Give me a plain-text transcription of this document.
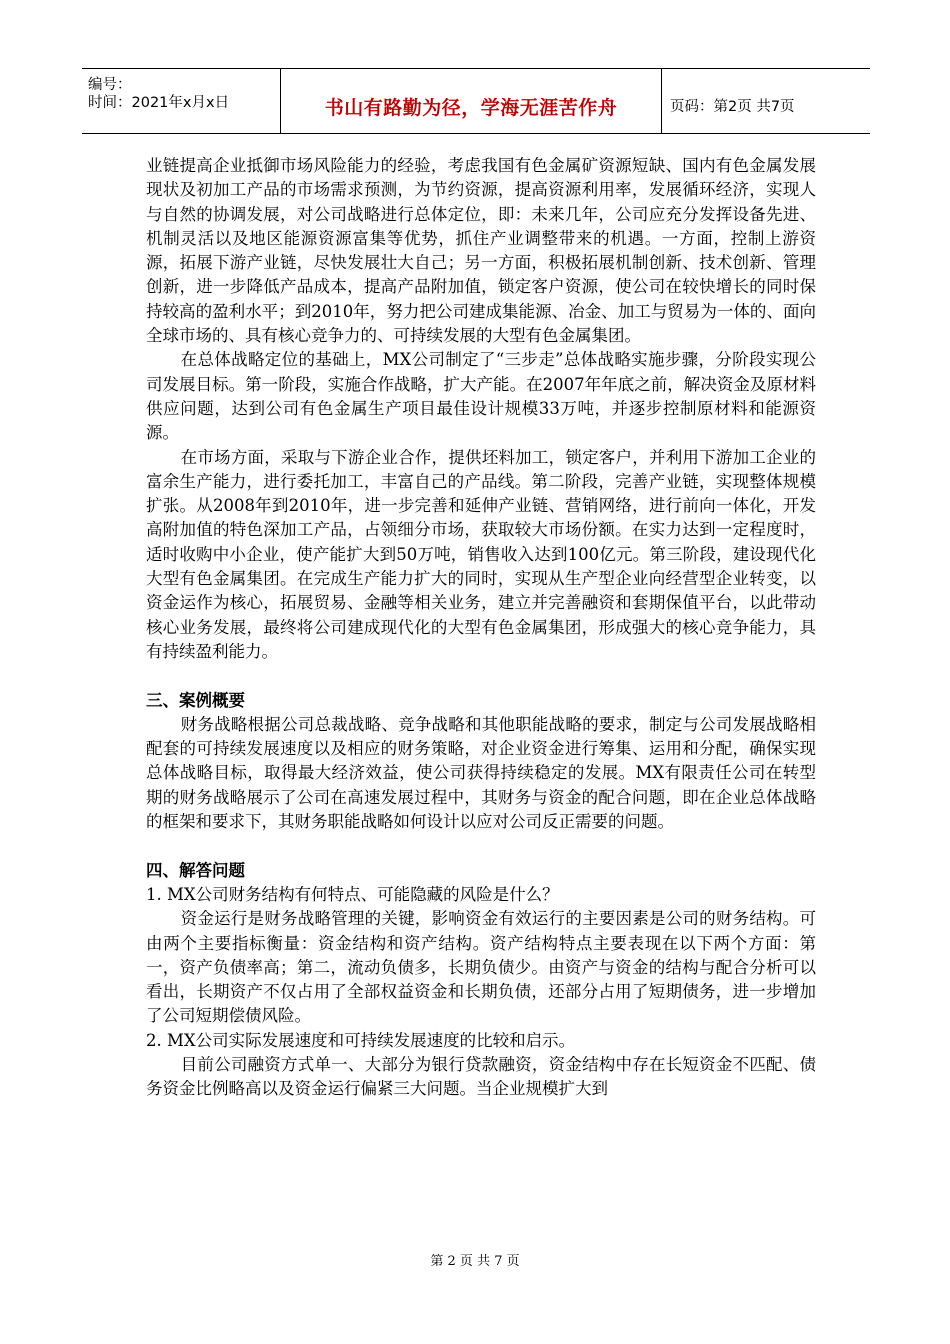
编号：
时间：2021年x月x日	书山有路勤为径，学海无涯苦作舟	页码：第2页 共7页

业链提高企业抵御市场风险能力的经验，考虑我国有色金属矿资源短缺、国内有色金属发展现状及初加工产品的市场需求预测，为节约资源，提高资源利用率，发展循环经济，实现人与自然的协调发展，对公司战略进行总体定位，即：未来几年，公司应充分发挥设备先进、机制灵活以及地区能源资源富集等优势，抓住产业调整带来的机遇。一方面，控制上游资源，拓展下游产业链，尽快发展壮大自己；另一方面，积极拓展机制创新、技术创新、管理创新，进一步降低产品成本，提高产品附加值，锁定客户资源，使公司在较快增长的同时保持较高的盈利水平；到2010年，努力把公司建成集能源、冶金、加工与贸易为一体的、面向全球市场的、具有核心竞争力的、可持续发展的大型有色金属集团。

在总体战略定位的基础上，MX公司制定了“三步走”总体战略实施步骤，分阶段实现公司发展目标。第一阶段，实施合作战略，扩大产能。在2007年年底之前，解决资金及原材料供应问题，达到公司有色金属生产项目最佳设计规模33万吨，并逐步控制原材料和能源资源。

在市场方面，采取与下游企业合作，提供坯料加工，锁定客户，并利用下游加工企业的富余生产能力，进行委托加工，丰富自己的产品线。第二阶段，完善产业链，实现整体规模扩张。从2008年到2010年，进一步完善和延伸产业链、营销网络，进行前向一体化，开发高附加值的特色深加工产品，占领细分市场，获取较大市场份额。在实力达到一定程度时，适时收购中小企业，使产能扩大到50万吨，销售收入达到100亿元。第三阶段，建设现代化大型有色金属集团。在完成生产能力扩大的同时，实现从生产型企业向经营型企业转变，以资金运作为核心，拓展贸易、金融等相关业务，建立并完善融资和套期保值平台，以此带动核心业务发展，最终将公司建成现代化的大型有色金属集团，形成强大的核心竞争能力，具有持续盈利能力。

三、案例概要

财务战略根据公司总裁战略、竞争战略和其他职能战略的要求，制定与公司发展战略相配套的可持续发展速度以及相应的财务策略，对企业资金进行筹集、运用和分配，确保实现总体战略目标，取得最大经济效益，使公司获得持续稳定的发展。MX有限责任公司在转型期的财务战略展示了公司在高速发展过程中，其财务与资金的配合问题，即在企业总体战略的框架和要求下，其财务职能战略如何设计以应对公司反正需要的问题。

四、解答问题

1. MX公司财务结构有何特点、可能隐藏的风险是什么？

资金运行是财务战略管理的关键，影响资金有效运行的主要因素是公司的财务结构。可由两个主要指标衡量：资金结构和资产结构。资产结构特点主要表现在以下两个方面：第一，资产负债率高；第二，流动负债多，长期负债少。由资产与资金的结构与配合分析可以看出，长期资产不仅占用了全部权益资金和长期负债，还部分占用了短期债务，进一步增加了公司短期偿债风险。

2. MX公司实际发展速度和可持续发展速度的比较和启示。

目前公司融资方式单一、大部分为银行贷款融资，资金结构中存在长短资金不匹配、债务资金比例略高以及资金运行偏紧三大问题。当企业规模扩大到

第 2 页 共 7 页
